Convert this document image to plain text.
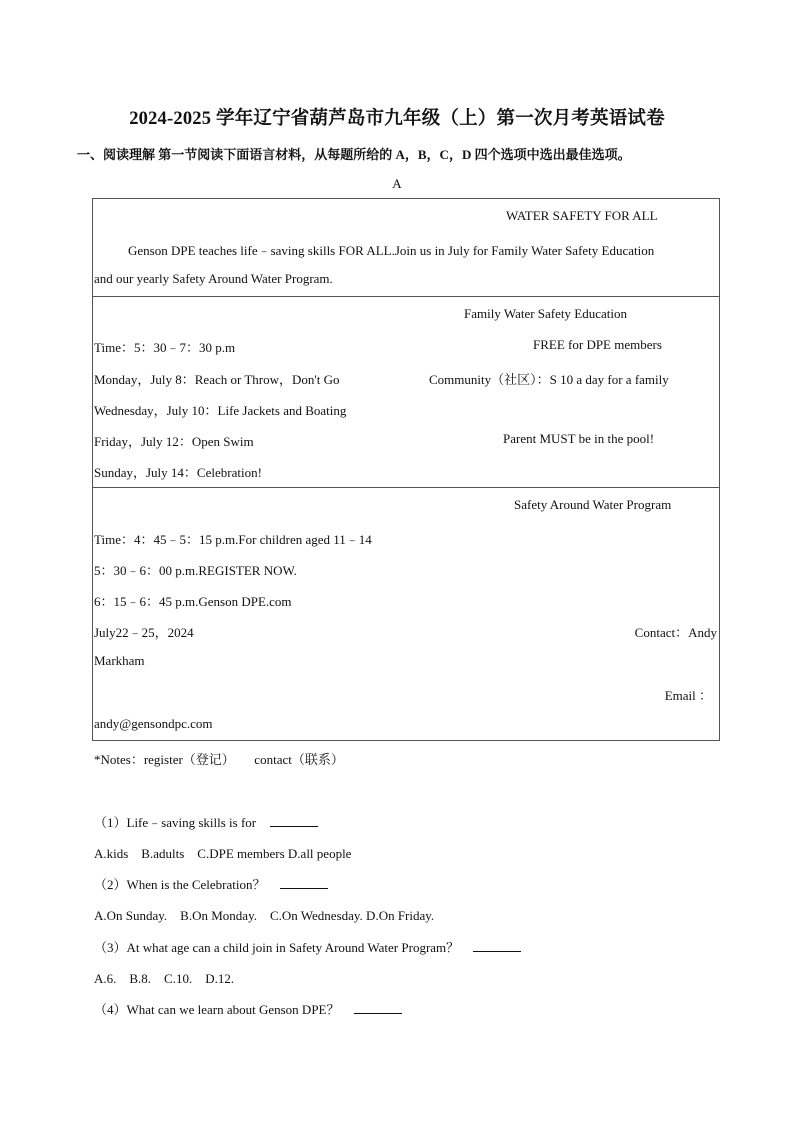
2024-2025 学年辽宁省葫芦岛市九年级（上）第一次月考英语试卷
一、阅读理解 第一节阅读下面语言材料，从每题所给的 A，B，C，D 四个选项中选出最佳选项。
A
WATER SAFETY FOR ALL
Genson DPE teaches life﹣saving skills FOR ALL.Join us in July for Family Water Safety Education
and our yearly Safety Around Water Program.
Family Water Safety Education
Time：5：30﹣7：30 p.m	FREE for DPE members
Monday，July 8：Reach or Throw，Don't Go	Community（社区）：S 10 a day for a family
Wednesday，July 10：Life Jackets and Boating
Friday，July 12：Open Swim	Parent MUST be in the pool!
Sunday，July 14：Celebration!
Safety Around Water Program
Time：4：45﹣5：15 p.m.For children aged 11﹣14
5：30﹣6：00 p.m.REGISTER NOW.
6：15﹣6：45 p.m.Genson DPE.com
July22﹣25，2024	Contact：Andy
Markham
Email ：
andy@gensondpc.com
*Notes：register（登记）　　contact（联系）
（1）Life﹣saving skills is for
A.kids　B.adults　C.DPE members D.all people
（2）When is the Celebration？
A.On Sunday.　B.On Monday.　C.On Wednesday. D.On Friday.
（3）At what age can a child join in Safety Around Water Program？
A.6.　B.8.　C.10.　D.12.
（4）What can we learn about Genson DPE？
